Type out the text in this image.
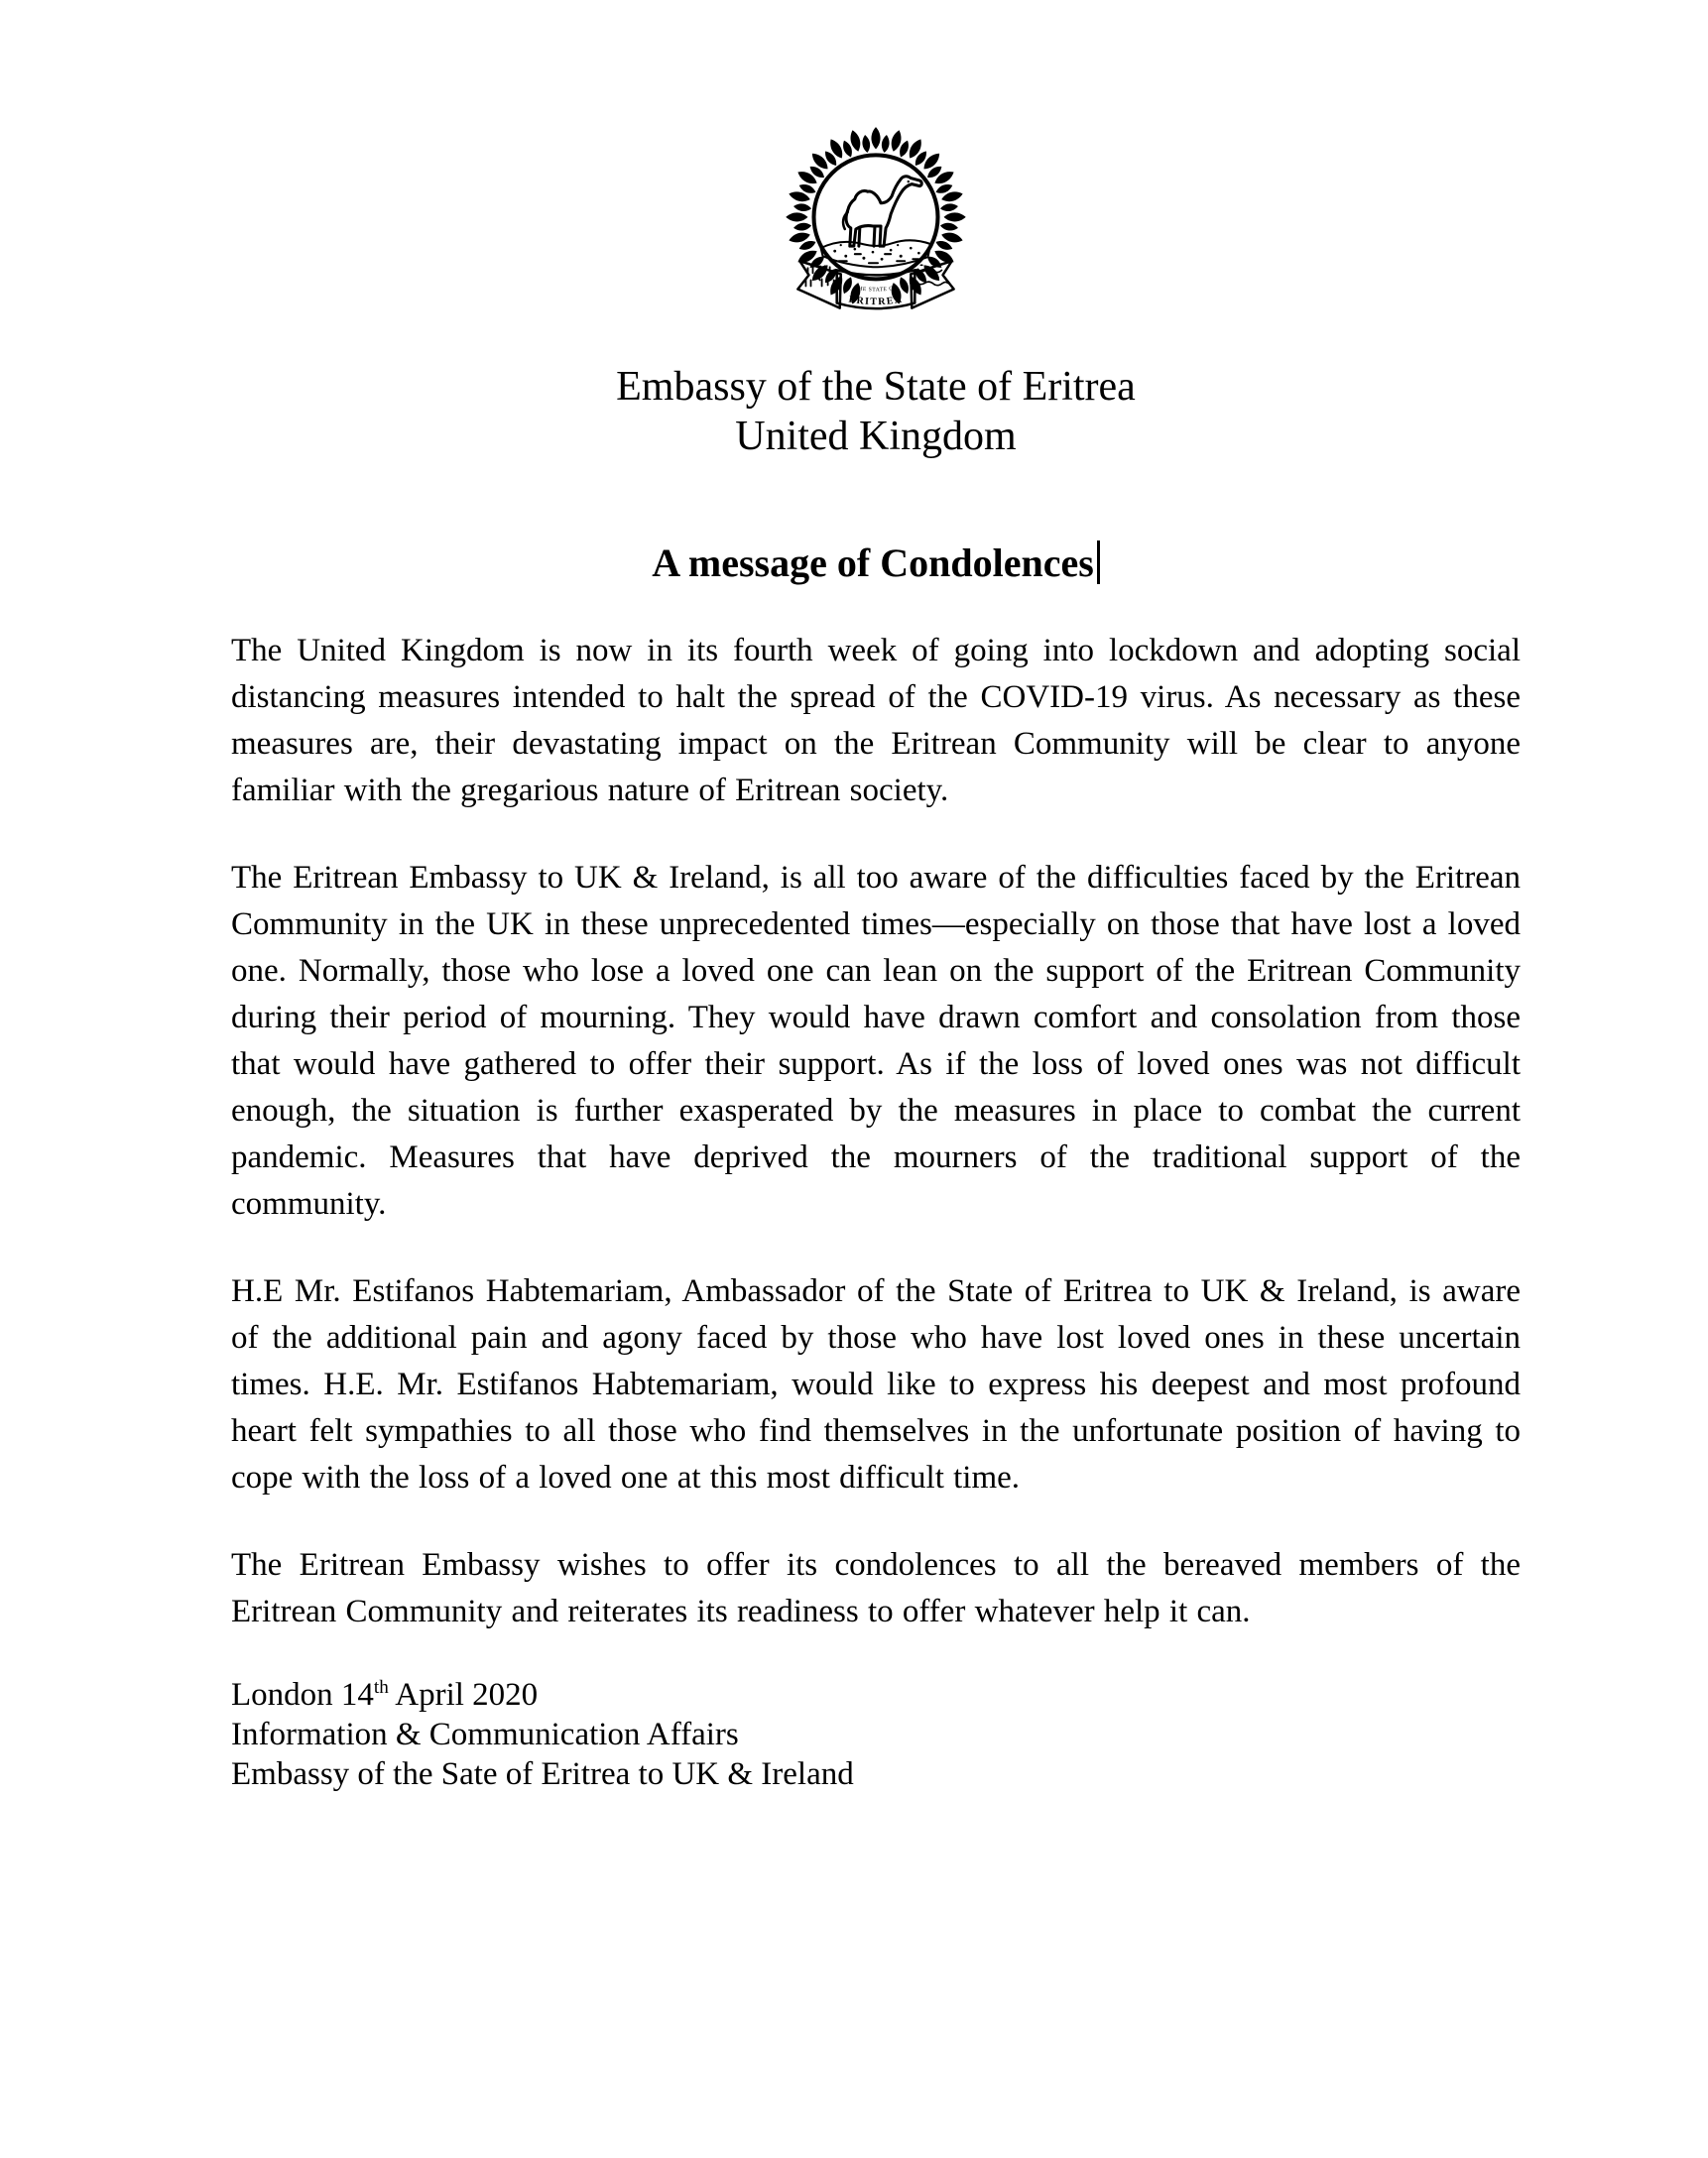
THE STATE OF
ERITREA
Embassy of the State of Eritrea
United Kingdom
A message of Condolences

The United Kingdom is now in its fourth week of going into lockdown and adopting social distancing measures intended to halt the spread of the COVID-19 virus. As necessary as these measures are, their devastating impact on the Eritrean Community will be clear to anyone familiar with the gregarious nature of Eritrean society.

The Eritrean Embassy to UK & Ireland, is all too aware of the difficulties faced by the Eritrean Community in the UK in these unprecedented times—especially on those that have lost a loved one. Normally, those who lose a loved one can lean on the support of the Eritrean Community during their period of mourning. They would have drawn comfort and consolation from those that would have gathered to offer their support. As if the loss of loved ones was not difficult enough, the situation is further exasperated by the measures in place to combat the current pandemic. Measures that have deprived the mourners of the traditional support of the community.

H.E Mr. Estifanos Habtemariam, Ambassador of the State of Eritrea to UK & Ireland, is aware of the additional pain and agony faced by those who have lost loved ones in these uncertain times. H.E. Mr. Estifanos Habtemariam, would like to express his deepest and most profound heart felt sympathies to all those who find themselves in the unfortunate position of having to cope with the loss of a loved one at this most difficult time.

The Eritrean Embassy wishes to offer its condolences to all the bereaved members of the Eritrean Community and reiterates its readiness to offer whatever help it can.

London 14th April 2020
Information & Communication Affairs
Embassy of the Sate of Eritrea to UK & Ireland
